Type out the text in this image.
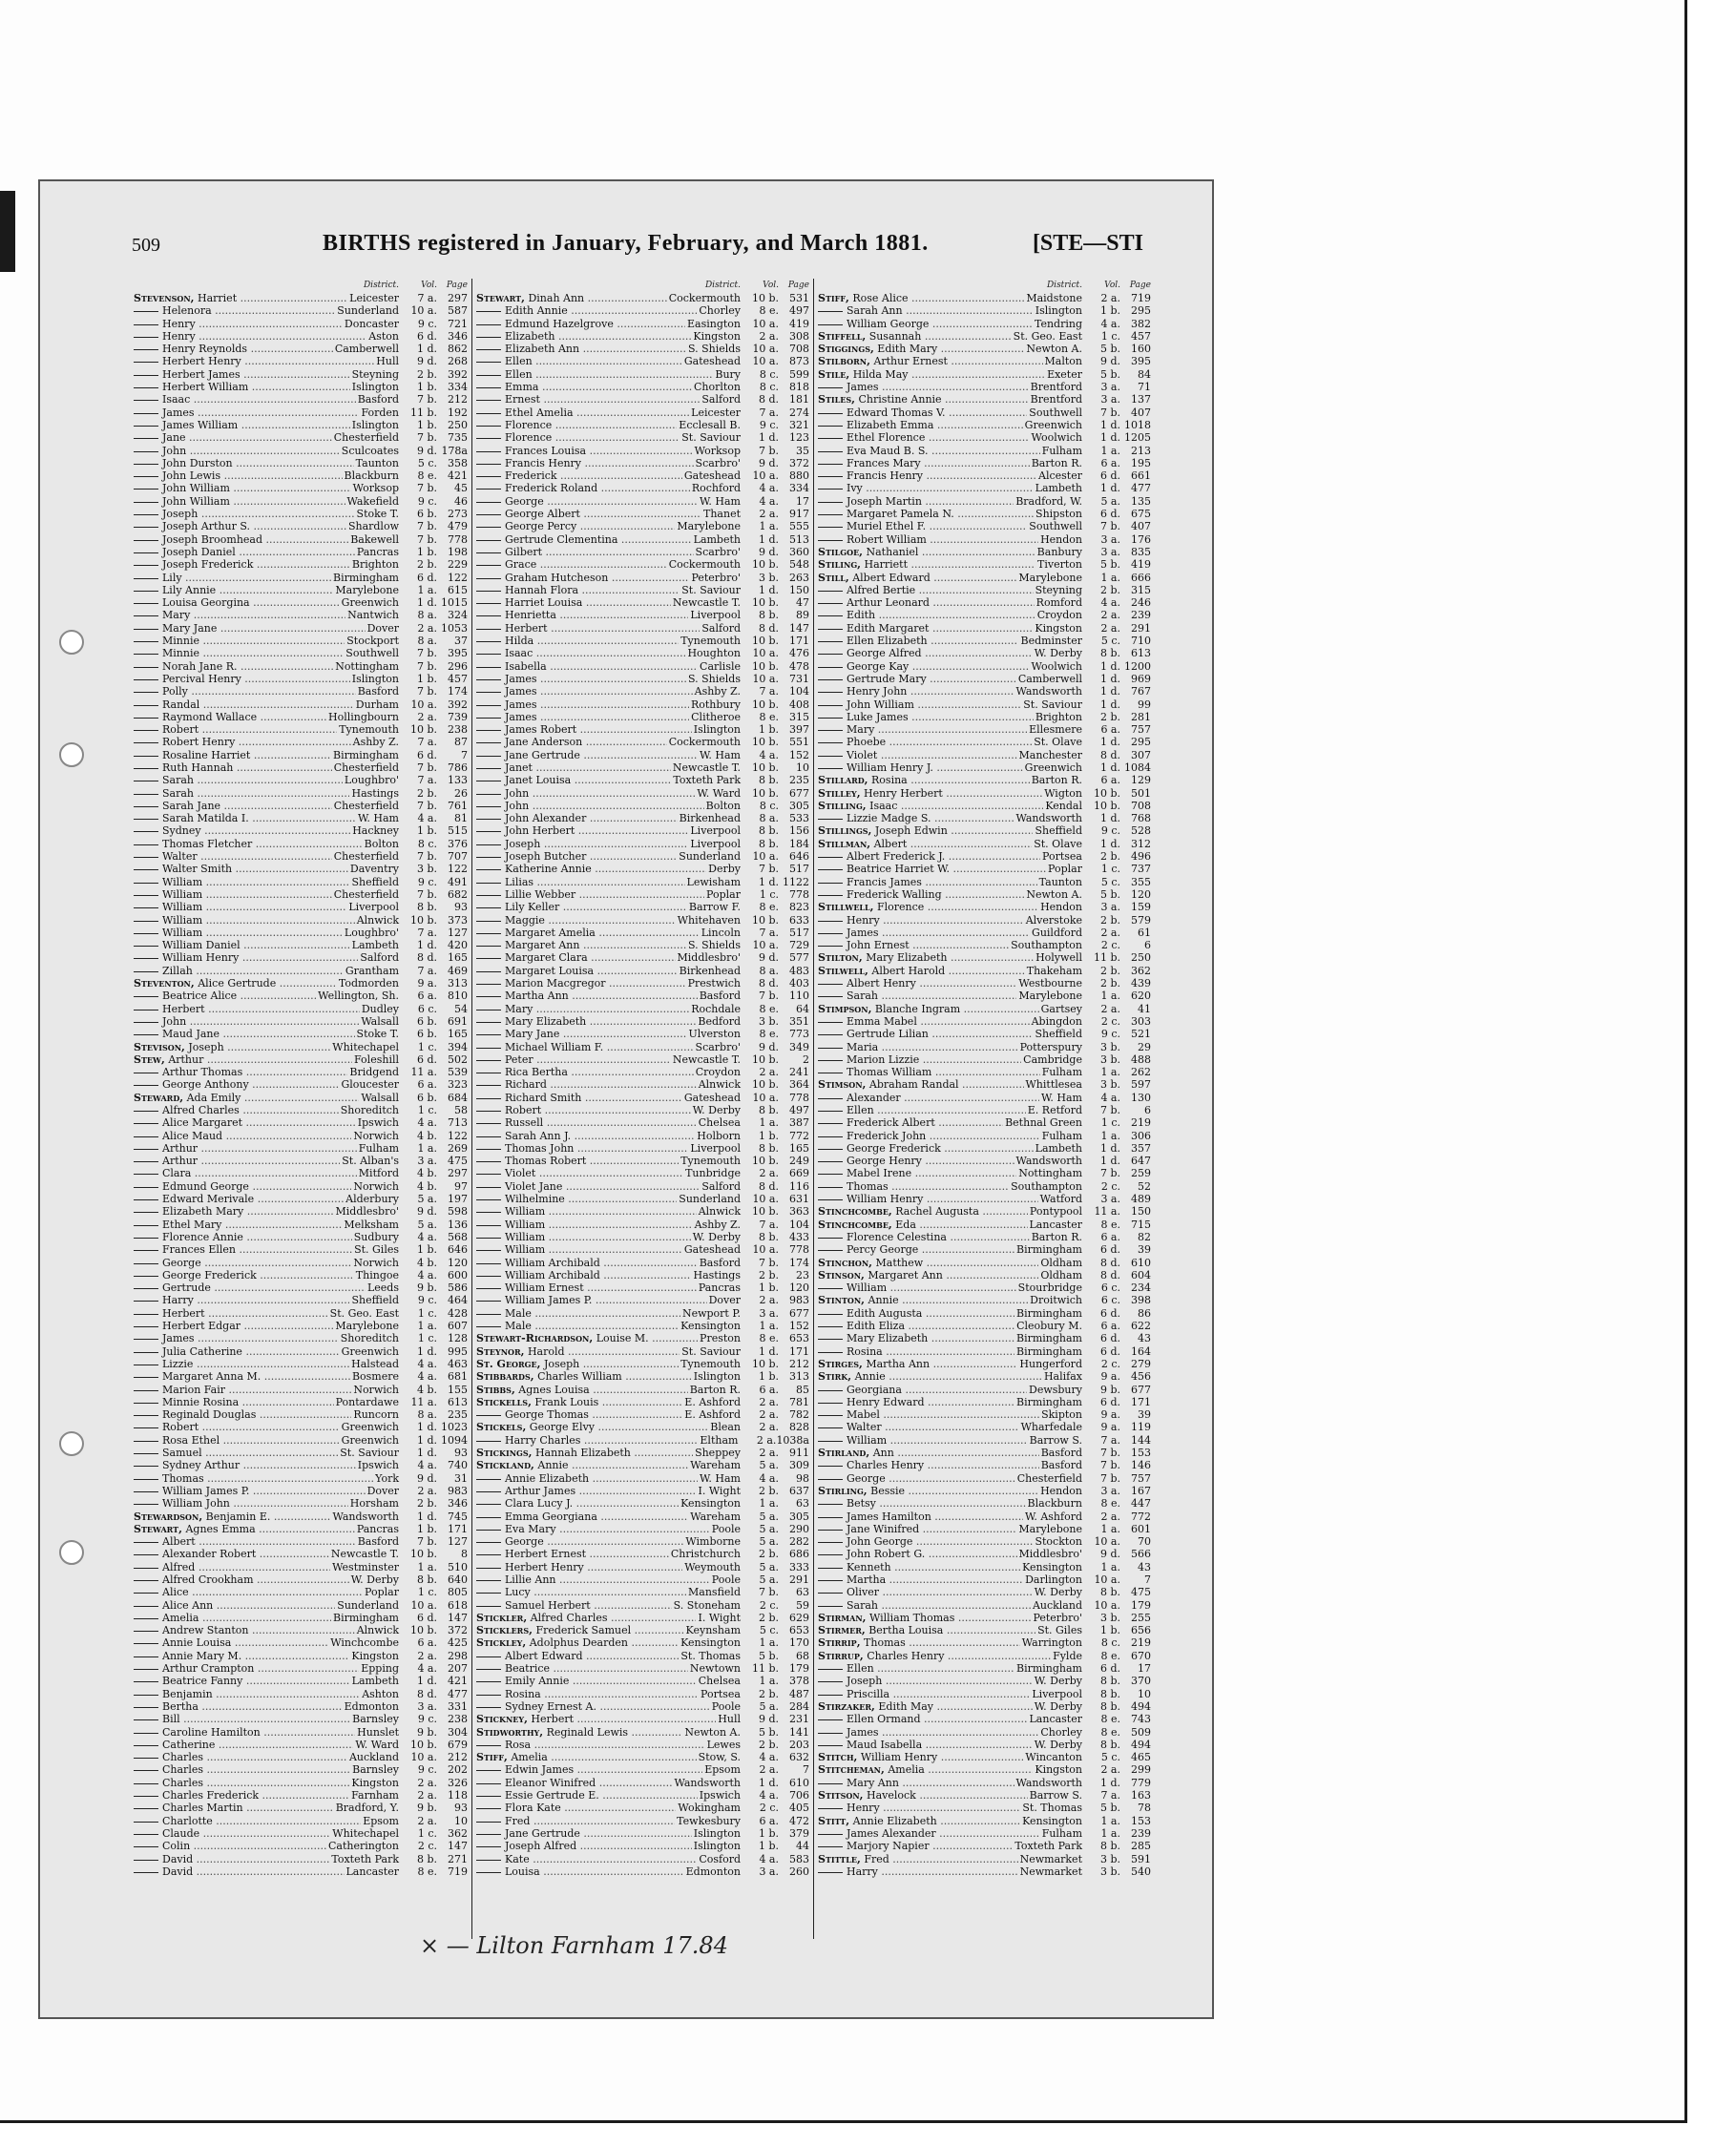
509	BIRTHS registered in January, February, and March 1881.	[STE—STI
District.	Vol.	Page
Stevenson, Harriet .....	Leicester	7 a.	297
Helenora .....	Sunderland	10 a.	587
Henry .....	Doncaster	9 c.	721
Henry .....	Aston	6 d.	346
Henry Reynolds .....	Camberwell	1 d.	862
Herbert Henry .....	Hull	9 d.	268
Herbert James .....	Steyning	2 b.	392
Herbert William .....	Islington	1 b.	334
Isaac .....	Basford	7 b.	212
James .....	Forden	11 b.	192
James William .....	Islington	1 b.	250
Jane .....	Chesterfield	7 b.	735
John .....	Sculcoates	9 d. 178a
John Durston .....	Taunton	5 c.	358
John Lewis .....	Blackburn	8 e.	421
John William .....	Worksop	7 b.	45
John William .....	Wakefield	9 c.	46
Joseph .....	Stoke T.	6 b.	273
Joseph Arthur S. .....	Shardlow	7 b.	479
Joseph Broomhead .....	Bakewell	7 b.	778
Joseph Daniel .....	Pancras	1 b.	198
Joseph Frederick .....	Brighton	2 b.	229
Lily .....	Birmingham	6 d.	122
Lily Annie .....	Marylebone	1 a.	615
Louisa Georgina .....	Greenwich	1 d. 1015
Mary .....	Nantwich	8 a.	324
Mary Jane .....	Dover	2 a. 1053
Minnie .....	Stockport	8 a.	37
Minnie .....	Southwell	7 b.	395
Norah Jane R. .....	Nottingham	7 b.	296
Percival Henry .....	Islington	1 b.	457
Polly .....	Basford	7 b.	174
Randal .....	Durham	10 a.	392
Raymond Wallace .....	Hollingbourn	2 a.	739
Robert .....	Tynemouth	10 b.	238
Robert Henry .....	Ashby Z.	7 a.	87
Rosaline Harriet .....	Birmingham	6 d.	7
Ruth Hannah .....	Chesterfield	7 b.	786
Sarah .....	Loughbro'	7 a.	133
Sarah .....	Hastings	2 b.	26
Sarah Jane .....	Chesterfield	7 b.	761
Sarah Matilda I. .....	W. Ham	4 a.	81
Sydney .....	Hackney	1 b.	515
Thomas Fletcher .....	Bolton	8 c.	376
Walter .....	Chesterfield	7 b.	707
Walter Smith .....	Daventry	3 b.	122
William .....	Sheffield	9 c.	491
William .....	Chesterfield	7 b.	682
William .....	Liverpool	8 b.	93
William .....	Alnwick	10 b.	373
William .....	Loughbro'	7 a.	127
William Daniel .....	Lambeth	1 d.	420
William Henry .....	Salford	8 d.	165
Zillah .....	Grantham	7 a.	469
Steventon, Alice Gertrude .....	Todmorden	9 a.	313
Beatrice Alice .....	Wellington, Sh.	6 a.	810
Herbert .....	Dudley	6 c.	54
John .....	Walsall	6 b.	691
Maud Jane .....	Stoke T.	6 b.	165
Stevison, Joseph .....	Whitechapel	1 c.	394
Stew, Arthur .....	Foleshill	6 d.	502
Arthur Thomas .....	Bridgend	11 a.	539
George Anthony .....	Gloucester	6 a.	323
Steward, Ada Emily .....	Walsall	6 b.	684
Alfred Charles .....	Shoreditch	1 c.	58
Alice Margaret .....	Ipswich	4 a.	713
Alice Maud .....	Norwich	4 b.	122
Arthur .....	Fulham	1 a.	269
Arthur .....	St. Alban's	3 a.	475
Clara .....	Mitford	4 b.	297
Edmund George .....	Norwich	4 b.	97
Edward Merivale .....	Alderbury	5 a.	197
Elizabeth Mary .....	Middlesbro'	9 d.	598
Ethel Mary .....	Melksham	5 a.	136
Florence Annie .....	Sudbury	4 a.	568
Frances Ellen .....	St. Giles	1 b.	646
George .....	Norwich	4 b.	120
George Frederick .....	Thingoe	4 a.	600
Gertrude .....	Leeds	9 b.	586
Harry .....	Sheffield	9 c.	464
Herbert .....	St. Geo. East	1 c.	428
Herbert Edgar .....	Marylebone	1 a.	607
James .....	Shoreditch	1 c.	128
Julia Catherine .....	Greenwich	1 d.	995
Lizzie .....	Halstead	4 a.	463
Margaret Anna M. .....	Bosmere	4 a.	681
Marion Fair .....	Norwich	4 b.	155
Minnie Rosina .....	Pontardawe	11 a.	613
Reginald Douglas .....	Runcorn	8 a.	235
Robert .....	Greenwich	1 d. 1023
Rosa Ethel .....	Greenwich	1 d. 1094
Samuel .....	St. Saviour	1 d.	93
Sydney Arthur .....	Ipswich	4 a.	740
Thomas .....	York	9 d.	31
William James P. .....	Dover	2 a.	983
William John .....	Horsham	2 b.	346
Stewardson, Benjamin E. .....	Wandsworth	1 d.	745
Stewart, Agnes Emma .....	Pancras	1 b.	171
Albert .....	Basford	7 b.	127
Alexander Robert .....	Newcastle T.	10 b.	8
Alfred .....	Westminster	1 a.	510
Alfred Crookham .....	W. Derby	8 b.	640
Alice .....	Poplar	1 c.	805
Alice Ann .....	Sunderland	10 a.	618
Amelia .....	Birmingham	6 d.	147
Andrew Stanton .....	Alnwick	10 b.	372
Annie Louisa .....	Winchcombe	6 a.	425
Annie Mary M. .....	Kingston	2 a.	298
Arthur Crampton .....	Epping	4 a.	207
Beatrice Fanny .....	Lambeth	1 d.	421
Benjamin .....	Ashton	8 d.	477
Bertha .....	Edmonton	3 a.	331
Bill .....	Barnsley	9 c.	238
Caroline Hamilton .....	Hunslet	9 b.	304
Catherine .....	W. Ward	10 b.	679
Charles .....	Auckland	10 a.	212
Charles .....	Barnsley	9 c.	202
Charles .....	Kingston	2 a.	326
Charles Frederick .....	Farnham	2 a.	118
Charles Martin .....	Bradford, Y.	9 b.	93
Charlotte .....	Epsom	2 a.	10
Claude .....	Whitechapel	1 c.	362
Colin .....	Catherington	2 c.	147
David .....	Toxteth Park	8 b.	271
David .....	Lancaster	8 e.	719
District.	Vol.	Page
Stewart, Dinah Ann .....	Cockermouth	10 b.	531
Edith Annie .....	Chorley	8 e.	497
Edmund Hazelgrove .....	Easington	10 a.	419
Elizabeth .....	Kingston	2 a.	308
Elizabeth Ann .....	S. Shields	10 a.	708
Ellen .....	Gateshead	10 a.	873
Ellen .....	Bury	8 c.	599
Emma .....	Chorlton	8 c.	818
Ernest .....	Salford	8 d.	181
Ethel Amelia .....	Leicester	7 a.	274
Florence .....	Ecclesall B.	9 c.	321
Florence .....	St. Saviour	1 d.	123
Frances Louisa .....	Worksop	7 b.	35
Francis Henry .....	Scarbro'	9 d.	372
Frederick .....	Gateshead	10 a.	880
Frederick Roland .....	Rochford	4 a.	334
George .....	W. Ham	4 a.	17
George Albert .....	Thanet	2 a.	917
George Percy .....	Marylebone	1 a.	555
Gertrude Clementina .....	Lambeth	1 d.	513
Gilbert .....	Scarbro'	9 d.	360
Grace .....	Cockermouth	10 b.	548
Graham Hutcheson .....	Peterbro'	3 b.	263
Hannah Flora .....	St. Saviour	1 d.	150
Harriet Louisa .....	Newcastle T.	10 b.	47
Henrietta .....	Liverpool	8 b.	89
Herbert .....	Salford	8 d.	147
Hilda .....	Tynemouth	10 b.	171
Isaac .....	Houghton	10 a.	476
Isabella .....	Carlisle	10 b.	478
James .....	S. Shields	10 a.	731
James .....	Ashby Z.	7 a.	104
James .....	Rothbury	10 b.	408
James .....	Clitheroe	8 e.	315
James Robert .....	Islington	1 b.	397
Jane Anderson .....	Cockermouth	10 b.	551
Jane Gertrude .....	W. Ham	4 a.	152
Janet .....	Newcastle T.	10 b.	10
Janet Louisa .....	Toxteth Park	8 b.	235
John .....	W. Ward	10 b.	677
John .....	Bolton	8 c.	305
John Alexander .....	Birkenhead	8 a.	533
John Herbert .....	Liverpool	8 b.	156
Joseph .....	Liverpool	8 b.	184
Joseph Butcher .....	Sunderland	10 a.	646
Katherine Annie .....	Derby	7 b.	517
Lilias .....	Lewisham	1 d. 1122
Lillie Webber .....	Poplar	1 c.	778
Lily Keller .....	Barrow F.	8 e.	823
Maggie .....	Whitehaven	10 b.	633
Margaret Amelia .....	Lincoln	7 a.	517
Margaret Ann .....	S. Shields	10 a.	729
Margaret Clara .....	Middlesbro'	9 d.	577
Margaret Louisa .....	Birkenhead	8 a.	483
Marion Macgregor .....	Prestwich	8 d.	403
Martha Ann .....	Basford	7 b.	110
Mary .....	Rochdale	8 e.	64
Mary Elizabeth .....	Bedford	3 b.	351
Mary Jane .....	Ulverston	8 e.	773
Michael William F. .....	Scarbro'	9 d.	349
Peter .....	Newcastle T.	10 b.	2
Rica Bertha .....	Croydon	2 a.	241
Richard .....	Alnwick	10 b.	364
Richard Smith .....	Gateshead	10 a.	778
Robert .....	W. Derby	8 b.	497
Russell .....	Chelsea	1 a.	387
Sarah Ann J. .....	Holborn	1 b.	772
Thomas John .....	Liverpool	8 b.	165
Thomas Robert .....	Tynemouth	10 b.	249
Violet .....	Tunbridge	2 a.	669
Violet Jane .....	Salford	8 d.	116
Wilhelmine .....	Sunderland	10 a.	631
William .....	Alnwick	10 b.	363
William .....	Ashby Z.	7 a.	104
William .....	W. Derby	8 b.	433
William .....	Gateshead	10 a.	778
William Archibald .....	Basford	7 b.	174
William Archibald .....	Hastings	2 b.	23
William Ernest .....	Pancras	1 b.	120
William James P. .....	Dover	2 a.	983
Male .....	Newport P.	3 a.	677
Male .....	Kensington	1 a.	152
Stewart-Richardson, Louise M. .....	Preston	8 e.	653
Steynor, Harold .....	St. Saviour	1 d.	171
St. George, Joseph .....	Tynemouth	10 b.	212
Stibbards, Charles William .....	Islington	1 b.	313
Stibbs, Agnes Louisa .....	Barton R.	6 a.	85
Stickells, Frank Louis .....	E. Ashford	2 a.	781
George Thomas .....	E. Ashford	2 a.	782
Stickels, George Elvy .....	Blean	2 a.	828
Harry Charles .....	Eltham	2 a. 1038a
Stickings, Hannah Elizabeth .....	Sheppey	2 a.	911
Stickland, Annie .....	Wareham	5 a.	309
Annie Elizabeth .....	W. Ham	4 a.	98
Arthur James .....	I. Wight	2 b.	637
Clara Lucy J. .....	Kensington	1 a.	63
Emma Georgiana .....	Wareham	5 a.	305
Eva Mary .....	Poole	5 a.	290
George .....	Wimborne	5 a.	282
Herbert Ernest .....	Christchurch	2 b.	686
Herbert Henry .....	Weymouth	5 a.	333
Lillie Ann .....	Poole	5 a.	291
Lucy .....	Mansfield	7 b.	63
Samuel Herbert .....	S. Stoneham	2 c.	59
Stickler, Alfred Charles .....	I. Wight	2 b.	629
Sticklers, Frederick Samuel .....	Keynsham	5 c.	653
Stickley, Adolphus Dearden .....	Kensington	1 a.	170
Albert Edward .....	St. Thomas	5 b.	68
Beatrice .....	Newtown	11 b.	179
Emily Annie .....	Chelsea	1 a.	378
Rosina .....	Portsea	2 b.	487
Sydney Ernest A. .....	Poole	5 a.	284
Stickney, Herbert .....	Hull	9 d.	231
Stidworthy, Reginald Lewis .....	Newton A.	5 b.	141
Rosa .....	Lewes	2 b.	203
Stiff, Amelia .....	Stow, S.	4 a.	632
Edwin James .....	Epsom	2 a.	7
Eleanor Winifred .....	Wandsworth	1 d.	610
Essie Gertrude E. .....	Ipswich	4 a.	706
Flora Kate .....	Wokingham	2 c.	405
Fred .....	Tewkesbury	6 a.	472
Jane Gertrude .....	Islington	1 b.	379
Joseph Alfred .....	Islington	1 b.	44
Kate .....	Cosford	4 a.	583
Louisa .....	Edmonton	3 a.	260
District.	Vol.	Page
Stiff, Rose Alice .....	Maidstone	2 a.	719
Sarah Ann .....	Islington	1 b.	295
William George .....	Tendring	4 a.	382
Stiffell, Susannah .....	St. Geo. East	1 c.	457
Stiggings, Edith Mary .....	Newton A.	5 b.	160
Stilborn, Arthur Ernest .....	Malton	9 d.	395
Stile, Hilda May .....	Exeter	5 b.	84
James .....	Brentford	3 a.	71
Stiles, Christine Annie .....	Brentford	3 a.	137
Edward Thomas V. .....	Southwell	7 b.	407
Elizabeth Emma .....	Greenwich	1 d. 1018
Ethel Florence .....	Woolwich	1 d. 1205
Eva Maud B. S. .....	Fulham	1 a.	213
Frances Mary .....	Barton R.	6 a.	195
Francis Henry .....	Alcester	6 d.	661
Ivy .....	Lambeth	1 d.	477
Joseph Martin .....	Bradford, W.	5 a.	135
Margaret Pamela N. .....	Shipston	6 d.	675
Muriel Ethel F. .....	Southwell	7 b.	407
Robert William .....	Hendon	3 a.	176
Stilgoe, Nathaniel .....	Banbury	3 a.	835
Stiling, Harriett .....	Tiverton	5 b.	419
Still, Albert Edward .....	Marylebone	1 a.	666
Alfred Bertie .....	Steyning	2 b.	315
Arthur Leonard .....	Romford	4 a.	246
Edith .....	Croydon	2 a.	239
Edith Margaret .....	Kingston	2 a.	291
Ellen Elizabeth .....	Bedminster	5 c.	710
George Alfred .....	W. Derby	8 b.	613
George Kay .....	Woolwich	1 d. 1200
Gertrude Mary .....	Camberwell	1 d.	969
Henry John .....	Wandsworth	1 d.	767
John William .....	St. Saviour	1 d.	99
Luke James .....	Brighton	2 b.	281
Mary .....	Ellesmere	6 a.	757
Phoebe .....	St. Olave	1 d.	295
Violet .....	Manchester	8 d.	307
William Henry J. .....	Greenwich	1 d. 1084
Stillard, Rosina .....	Barton R.	6 a.	129
Stilley, Henry Herbert .....	Wigton	10 b.	501
Stilling, Isaac .....	Kendal	10 b.	708
Lizzie Madge S. .....	Wandsworth	1 d.	768
Stillings, Joseph Edwin .....	Sheffield	9 c.	528
Stillman, Albert .....	St. Olave	1 d.	312
Albert Frederick J. .....	Portsea	2 b.	496
Beatrice Harriet W. .....	Poplar	1 c.	737
Francis James .....	Taunton	5 c.	355
Frederick Walling .....	Newton A.	5 b.	120
Stillwell, Florence .....	Hendon	3 a.	159
Henry .....	Alverstoke	2 b.	579
James .....	Guildford	2 a.	61
John Ernest .....	Southampton	2 c.	6
Stilton, Mary Elizabeth .....	Holywell	11 b.	250
Stilwell, Albert Harold .....	Thakeham	2 b.	362
Albert Henry .....	Westbourne	2 b.	439
Sarah .....	Marylebone	1 a.	620
Stimpson, Blanche Ingram .....	Gartsey	2 a.	41
Emma Mabel .....	Abingdon	2 c.	303
Gertrude Lilian .....	Sheffield	9 c.	521
Maria .....	Potterspury	3 b.	29
Marion Lizzie .....	Cambridge	3 b.	488
Thomas William .....	Fulham	1 a.	262
Stimson, Abraham Randal .....	Whittlesea	3 b.	597
Alexander .....	W. Ham	4 a.	130
Ellen .....	E. Retford	7 b.	6
Frederick Albert .....	Bethnal Green	1 c.	219
Frederick John .....	Fulham	1 a.	306
George Frederick .....	Lambeth	1 d.	357
George Henry .....	Wandsworth	1 d.	647
Mabel Irene .....	Nottingham	7 b.	259
Thomas .....	Southampton	2 c.	52
William Henry .....	Watford	3 a.	489
Stinchcombe, Rachel Augusta .....	Pontypool	11 a.	150
Stinchcombe, Eda .....	Lancaster	8 e.	715
Florence Celestina .....	Barton R.	6 a.	82
Percy George .....	Birmingham	6 d.	39
Stinchon, Matthew .....	Oldham	8 d.	610
Stinson, Margaret Ann .....	Oldham	8 d.	604
William .....	Stourbridge	6 c.	234
Stinton, Annie .....	Droitwich	6 c.	398
Edith Augusta .....	Birmingham	6 d.	86
Edith Eliza .....	Cleobury M.	6 a.	622
Mary Elizabeth .....	Birmingham	6 d.	43
Rosina .....	Birmingham	6 d.	164
Stirges, Martha Ann .....	Hungerford	2 c.	279
Stirk, Annie .....	Halifax	9 a.	456
Georgiana .....	Dewsbury	9 b.	677
Henry Edward .....	Birmingham	6 d.	171
Mabel .....	Skipton	9 a.	39
Walter .....	Wharfedale	9 a.	119
William .....	Barrow S.	7 a.	144
Stirland, Ann .....	Basford	7 b.	153
Charles Henry .....	Basford	7 b.	146
George .....	Chesterfield	7 b.	757
Stirling, Bessie .....	Hendon	3 a.	167
Betsy .....	Blackburn	8 e.	447
James Hamilton .....	W. Ashford	2 a.	772
Jane Winifred .....	Marylebone	1 a.	601
John George .....	Stockton	10 a.	70
John Robert G. .....	Middlesbro'	9 d.	566
Kenneth .....	Kensington	1 a.	43
Martha .....	Darlington	10 a.	7
Oliver .....	W. Derby	8 b.	475
Sarah .....	Auckland	10 a.	179
Stirman, William Thomas .....	Peterbro'	3 b.	255
Stirmer, Bertha Louisa .....	St. Giles	1 b.	656
Stirrip, Thomas .....	Warrington	8 c.	219
Stirrup, Charles Henry .....	Fylde	8 e.	670
Ellen .....	Birmingham	6 d.	17
Joseph .....	W. Derby	8 b.	370
Priscilla .....	Liverpool	8 b.	10
Stirzaker, Edith May .....	W. Derby	8 b.	494
Ellen Ormand .....	Lancaster	8 e.	743
James .....	Chorley	8 e.	509
Maud Isabella .....	W. Derby	8 b.	494
Stitch, William Henry .....	Wincanton	5 c.	465
Stitcheman, Amelia .....	Kingston	2 a.	299
Mary Ann .....	Wandsworth	1 d.	779
Stitson, Havelock .....	Barrow S.	7 a.	163
Henry .....	St. Thomas	5 b.	78
Stitt, Annie Elizabeth .....	Kensington	1 a.	153
James Alexander .....	Fulham	1 a.	239
Marjory Napier .....	Toxteth Park	8 b.	285
Stittle, Fred .....	Newmarket	3 b.	591
Harry .....	Newmarket	3 b.	540
× — Lilton Farnham 17.84
